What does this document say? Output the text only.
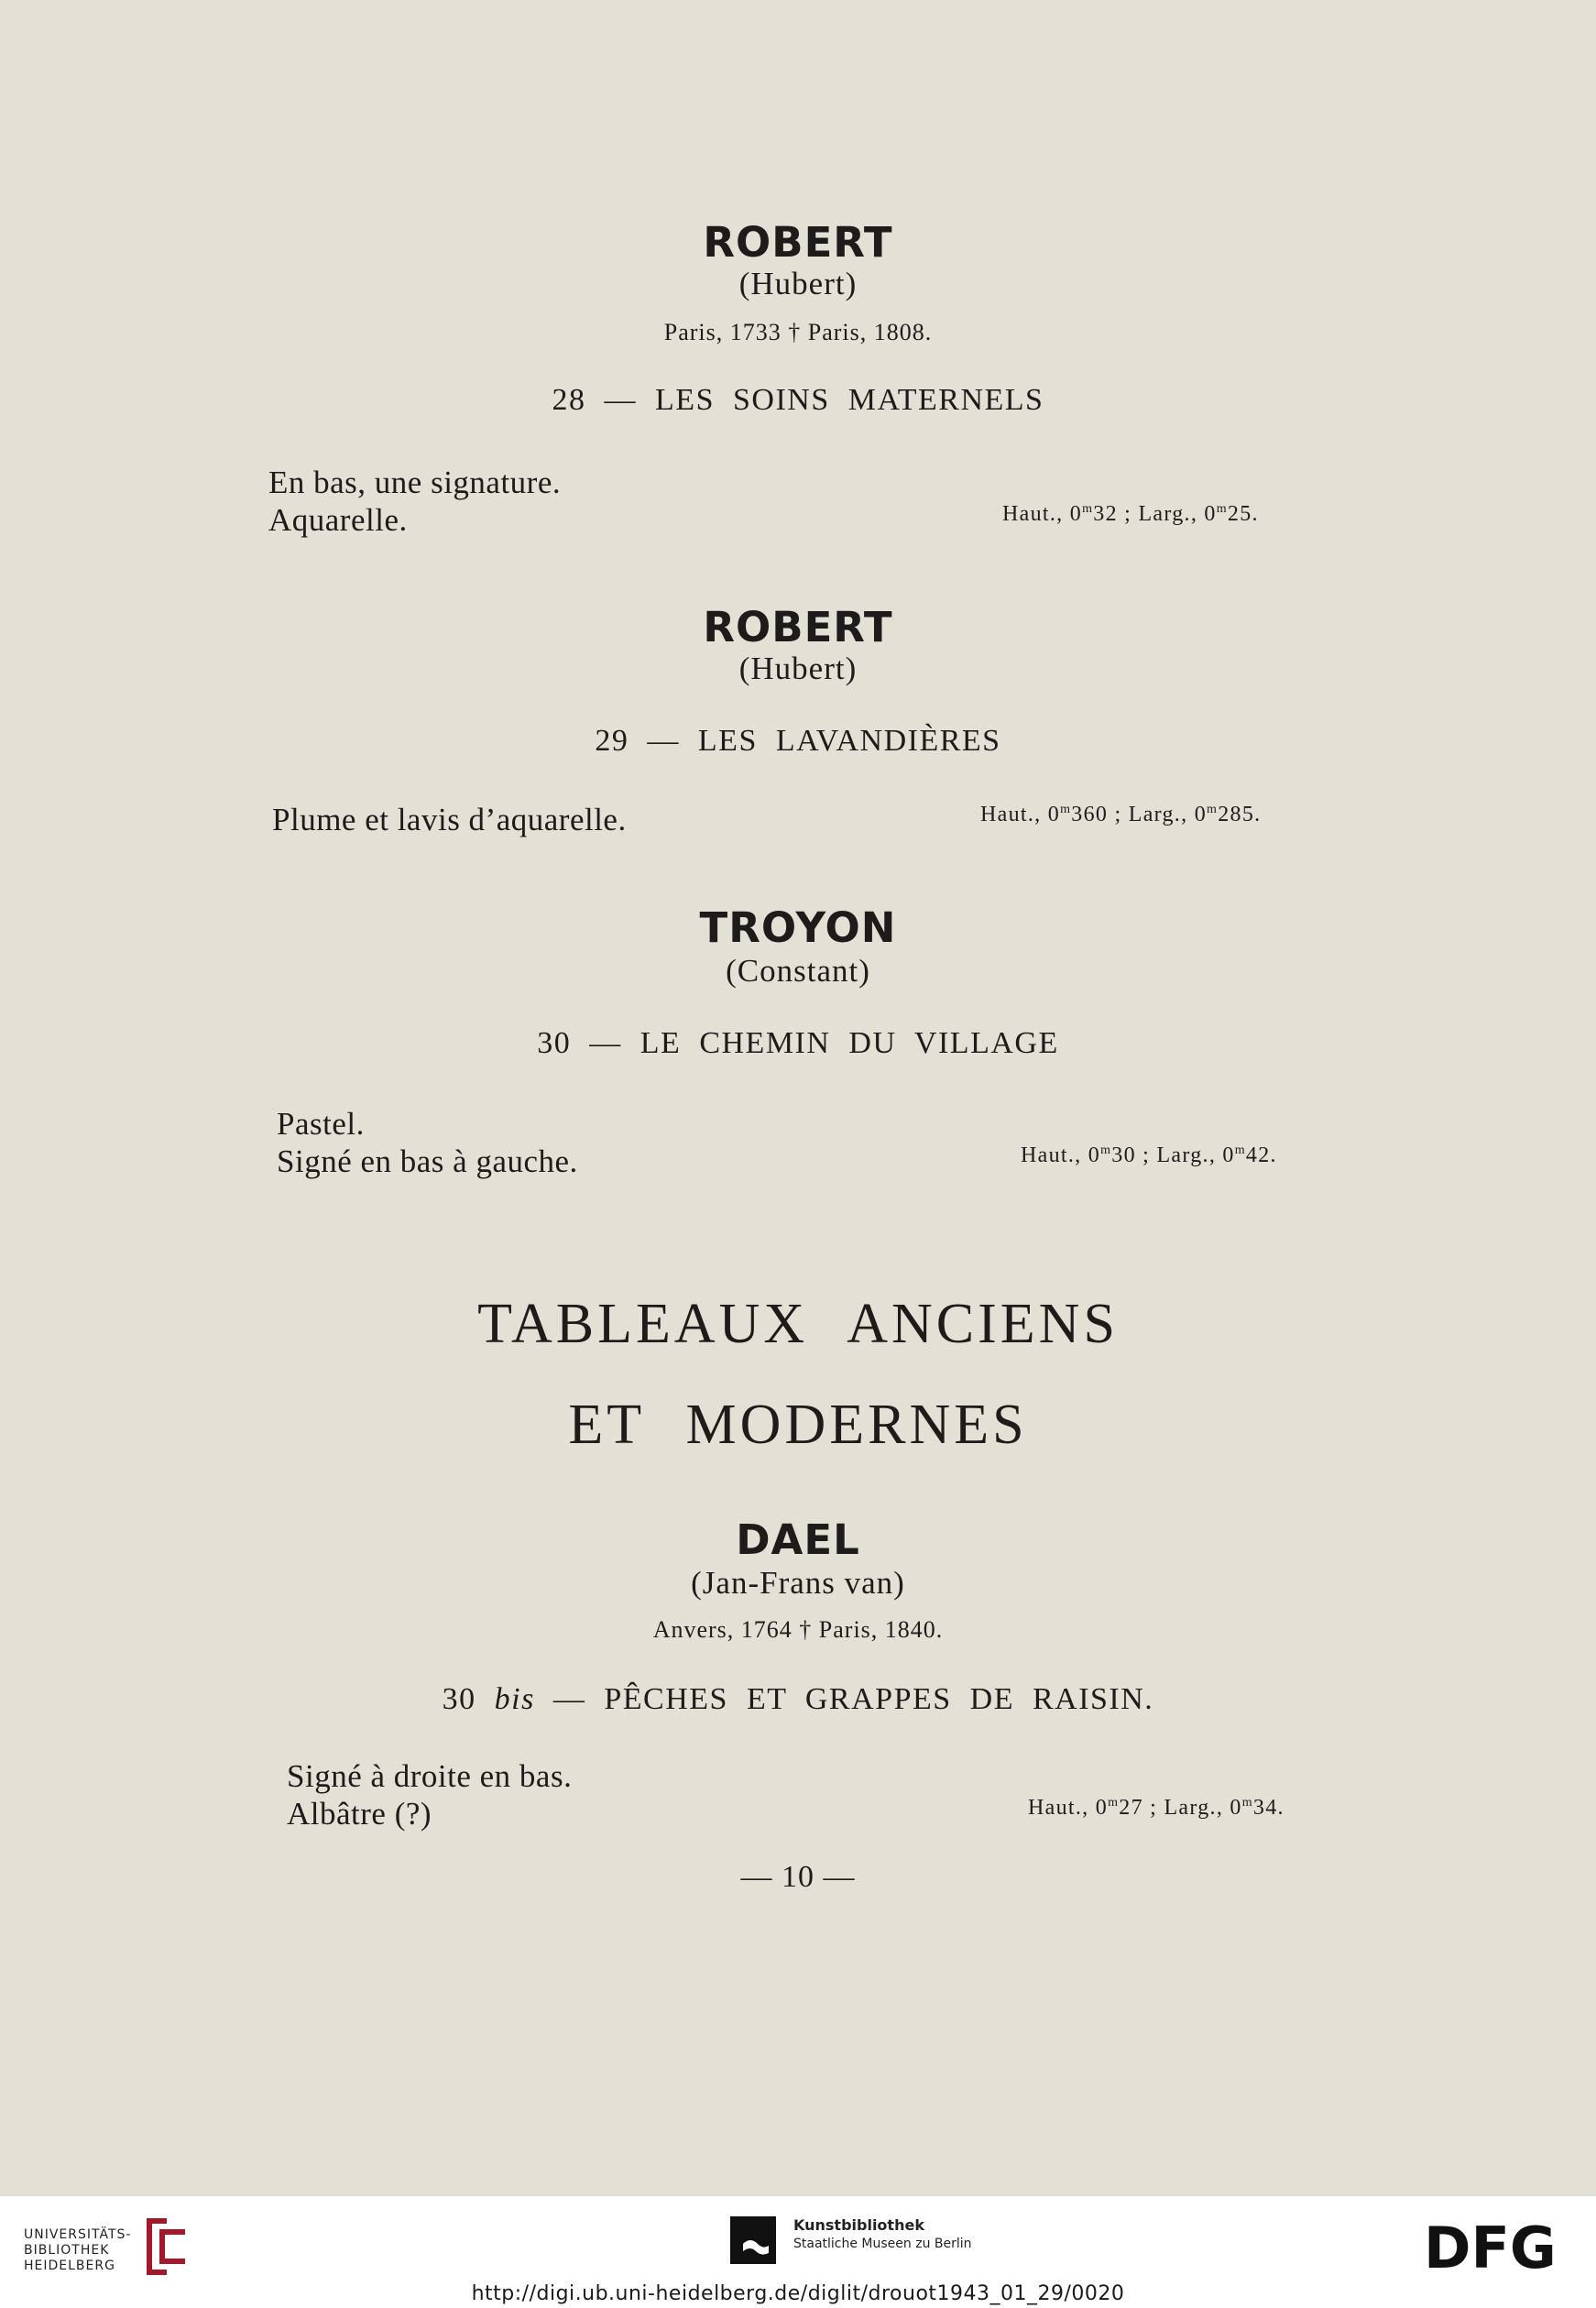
ROBERT
(Hubert)
Paris, 1733 † Paris, 1808.
28 — LES SOINS MATERNELS
En bas, une signature.
Aquarelle.	Haut., 0$^m$32 ; Larg., 0$^m$25.
ROBERT
(Hubert)
29 — LES LAVANDIÈRES
Plume et lavis d’aquarelle.	Haut., 0$^m$360 ; Larg., 0$^m$285.
TROYON
(Constant)
30 — LE CHEMIN DU VILLAGE
Pastel.
Signé en bas à gauche.	Haut., 0$^m$30 ; Larg., 0$^m$42.
TABLEAUX ANCIENS
ET MODERNES
DAEL
(Jan-Frans van)
Anvers, 1764 † Paris, 1840.
30 bis — PÊCHES ET GRAPPES DE RAISIN.
Signé à droite en bas.
Albâtre (?)	Haut., 0$^m$27 ; Larg., 0$^m$34.
— 10 —
UNIVERSITÄTS-
BIBLIOTHEK
HEIDELBERG
Kunstbibliothek
Staatliche Museen zu Berlin	DFG
http://digi.ub.uni-heidelberg.de/diglit/drouot1943_01_29/0020
